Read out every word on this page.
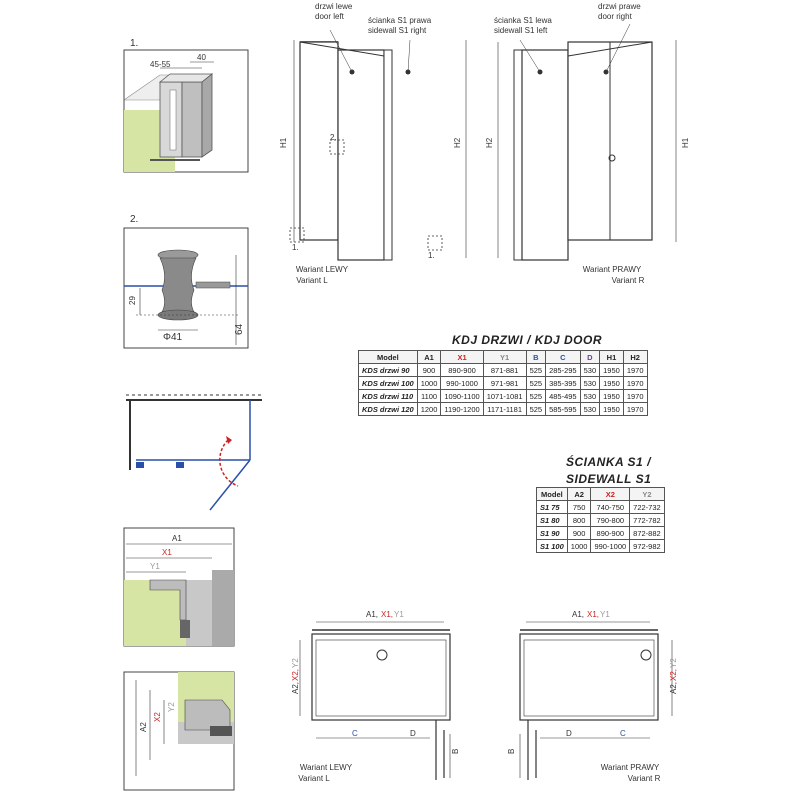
1.
45-55
40
2.
29
Φ41
64
A1
X1
Y1
A2
X2
Y2
drzwi lewe
door left	ścianka S1 prawa
sidewall S1 right
H1	H2
2.
1.
1.
Wariant LEWY
Variant L
ścianka S1 lewa
sidewall S1 left
drzwi prawe
door right
H2	H1
Wariant PRAWY
Variant R
A1, X1, Y1
A2,
X2,
Y2
C	D
B
Wariant LEWY
Variant L
A1, X1, Y1
A2,
X2,
Y2
D	C
B
Wariant PRAWY
Variant R
KDJ DRZWI / KDJ DOOR
Model	A1	X1	Y1	B	C	D	H1	H2
KDS drzwi 90	900	890-900	871-881	525	285-295	530	1950	1970
KDS drzwi 100	1000	990-1000	971-981	525	385-395	530	1950	1970
KDS drzwi 110	1100	1090-1100	1071-1081	525	485-495	530	1950	1970
KDS drzwi 120	1200	1190-1200	1171-1181	525	585-595	530	1950	1970
ŚCIANKA S1 /
SIDEWALL S1
Model	A2	X2	Y2
S1 75	750	740-750	722-732
S1 80	800	790-800	772-782
S1 90	900	890-900	872-882
S1 100	1000	990-1000	972-982
